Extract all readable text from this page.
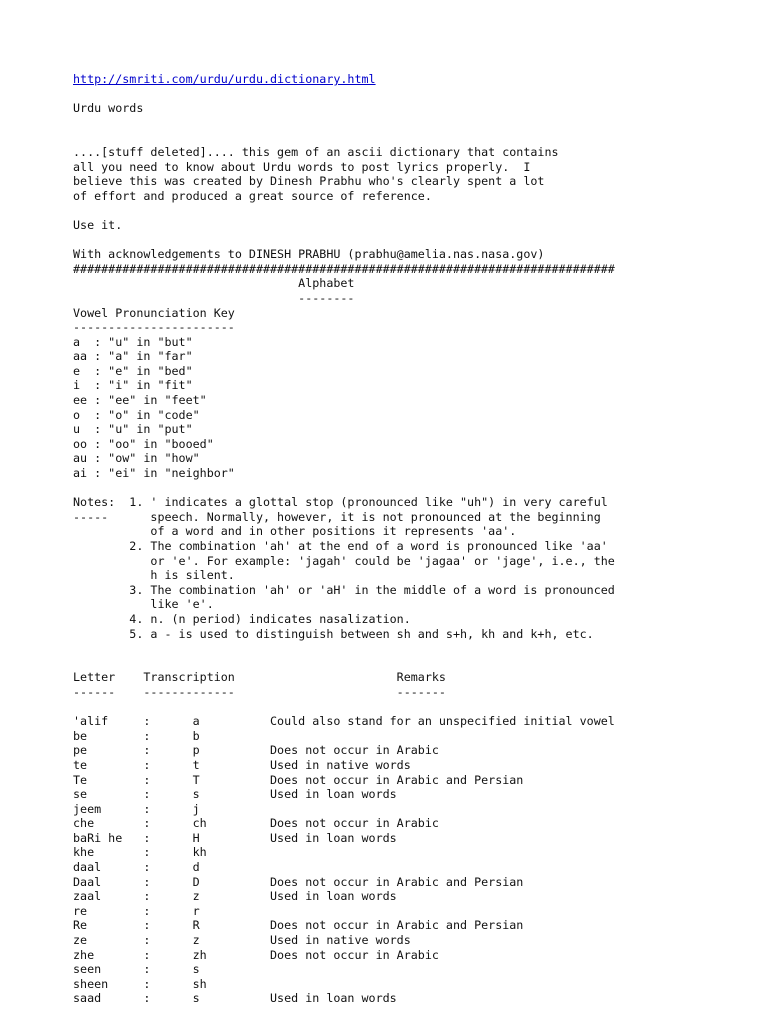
http://smriti.com/urdu/urdu.dictionary.html
Urdu words
....[stuff deleted].... this gem of an ascii dictionary that contains
all you need to know about Urdu words to post lyrics properly.  I
believe this was created by Dinesh Prabhu who's clearly spent a lot
of effort and produced a great source of reference.
Use it.
With acknowledgements to DINESH PRABHU (prabhu@amelia.nas.nasa.gov)
#############################################################################
Alphabet
--------
Vowel Pronunciation Key
-----------------------
a  : "u" in "but"
aa : "a" in "far"
e  : "e" in "bed"
i  : "i" in "fit"
ee : "ee" in "feet"
o  : "o" in "code"
u  : "u" in "put"
oo : "oo" in "booed"
au : "ow" in "how"
ai : "ei" in "neighbor"
Notes:  1. ' indicates a glottal stop (pronounced like "uh") in very careful
-----      speech. Normally, however, it is not pronounced at the beginning
of a word and in other positions it represents 'aa'.
2. The combination 'ah' at the end of a word is pronounced like 'aa'
or 'e'. For example: 'jagah' could be 'jagaa' or 'jage', i.e., the
h is silent.
3. The combination 'ah' or 'aH' in the middle of a word is pronounced
like 'e'.
4. n. (n period) indicates nasalization.
5. a - is used to distinguish between sh and s+h, kh and k+h, etc.
Letter    Transcription                       Remarks
------    -------------                       -------
'alif     :      a          Could also stand for an unspecified initial vowel
be        :      b
pe        :      p          Does not occur in Arabic
te        :      t          Used in native words
Te        :      T          Does not occur in Arabic and Persian
se        :      s          Used in loan words
jeem      :      j
che       :      ch         Does not occur in Arabic
baRi he   :      H          Used in loan words
khe       :      kh
daal      :      d
Daal      :      D          Does not occur in Arabic and Persian
zaal      :      z          Used in loan words
re        :      r
Re        :      R          Does not occur in Arabic and Persian
ze        :      z          Used in native words
zhe       :      zh         Does not occur in Arabic
seen      :      s
sheen     :      sh
saad      :      s          Used in loan words
